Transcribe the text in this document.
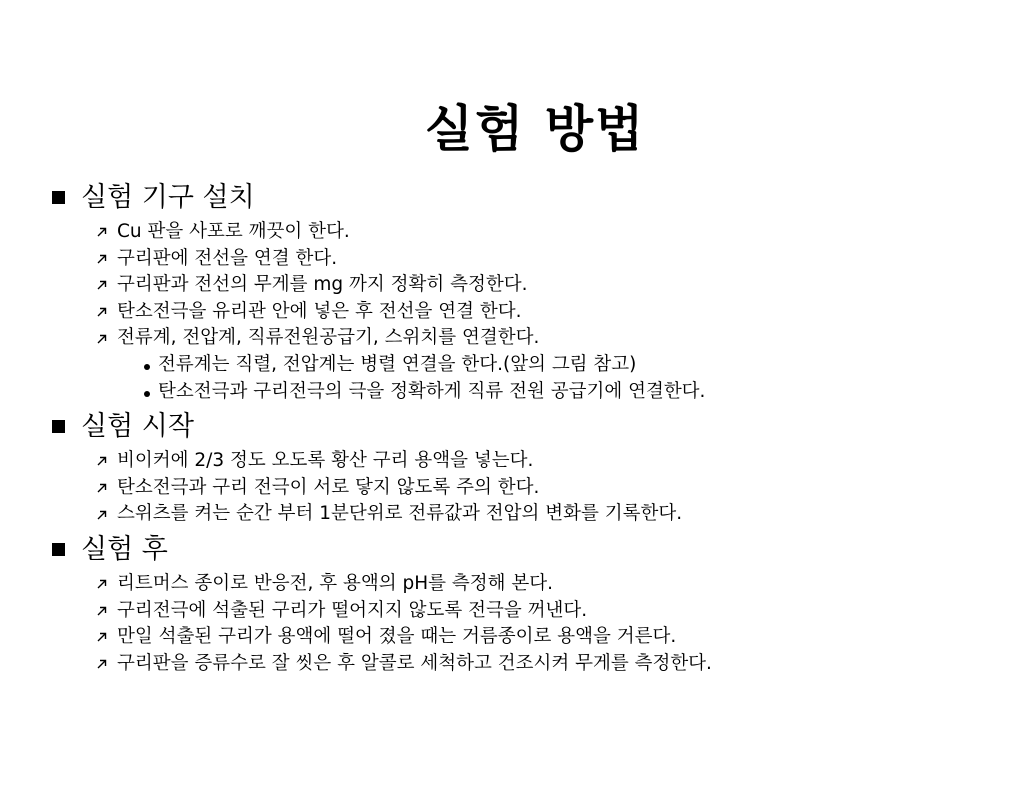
실험 방법
실험 기구 설치
Cu 판을 사포로 깨끗이 한다.
구리판에 전선을 연결 한다.
구리판과 전선의 무게를 mg 까지 정확히 측정한다.
탄소전극을 유리관 안에 넣은 후 전선을 연결 한다.
전류계, 전압계, 직류전원공급기, 스위치를 연결한다.
전류계는 직렬, 전압계는 병렬 연결을 한다.(앞의 그림 참고)
탄소전극과 구리전극의 극을 정확하게 직류 전원 공급기에 연결한다.
실험 시작
비이커에 2/3 정도 오도록 황산 구리 용액을 넣는다.
탄소전극과 구리 전극이 서로 닿지 않도록 주의 한다.
스위츠를 켜는 순간 부터 1분단위로 전류값과 전압의 변화를 기록한다.
실험 후
리트머스 종이로 반응전, 후 용액의 pH를 측정해 본다.
구리전극에 석출된 구리가 떨어지지 않도록 전극을 꺼낸다.
만일 석출된 구리가 용액에 떨어 졌을 때는 거름종이로 용액을 거른다.
구리판을 증류수로 잘 씻은 후 알콜로 세척하고 건조시켜 무게를 측정한다.
